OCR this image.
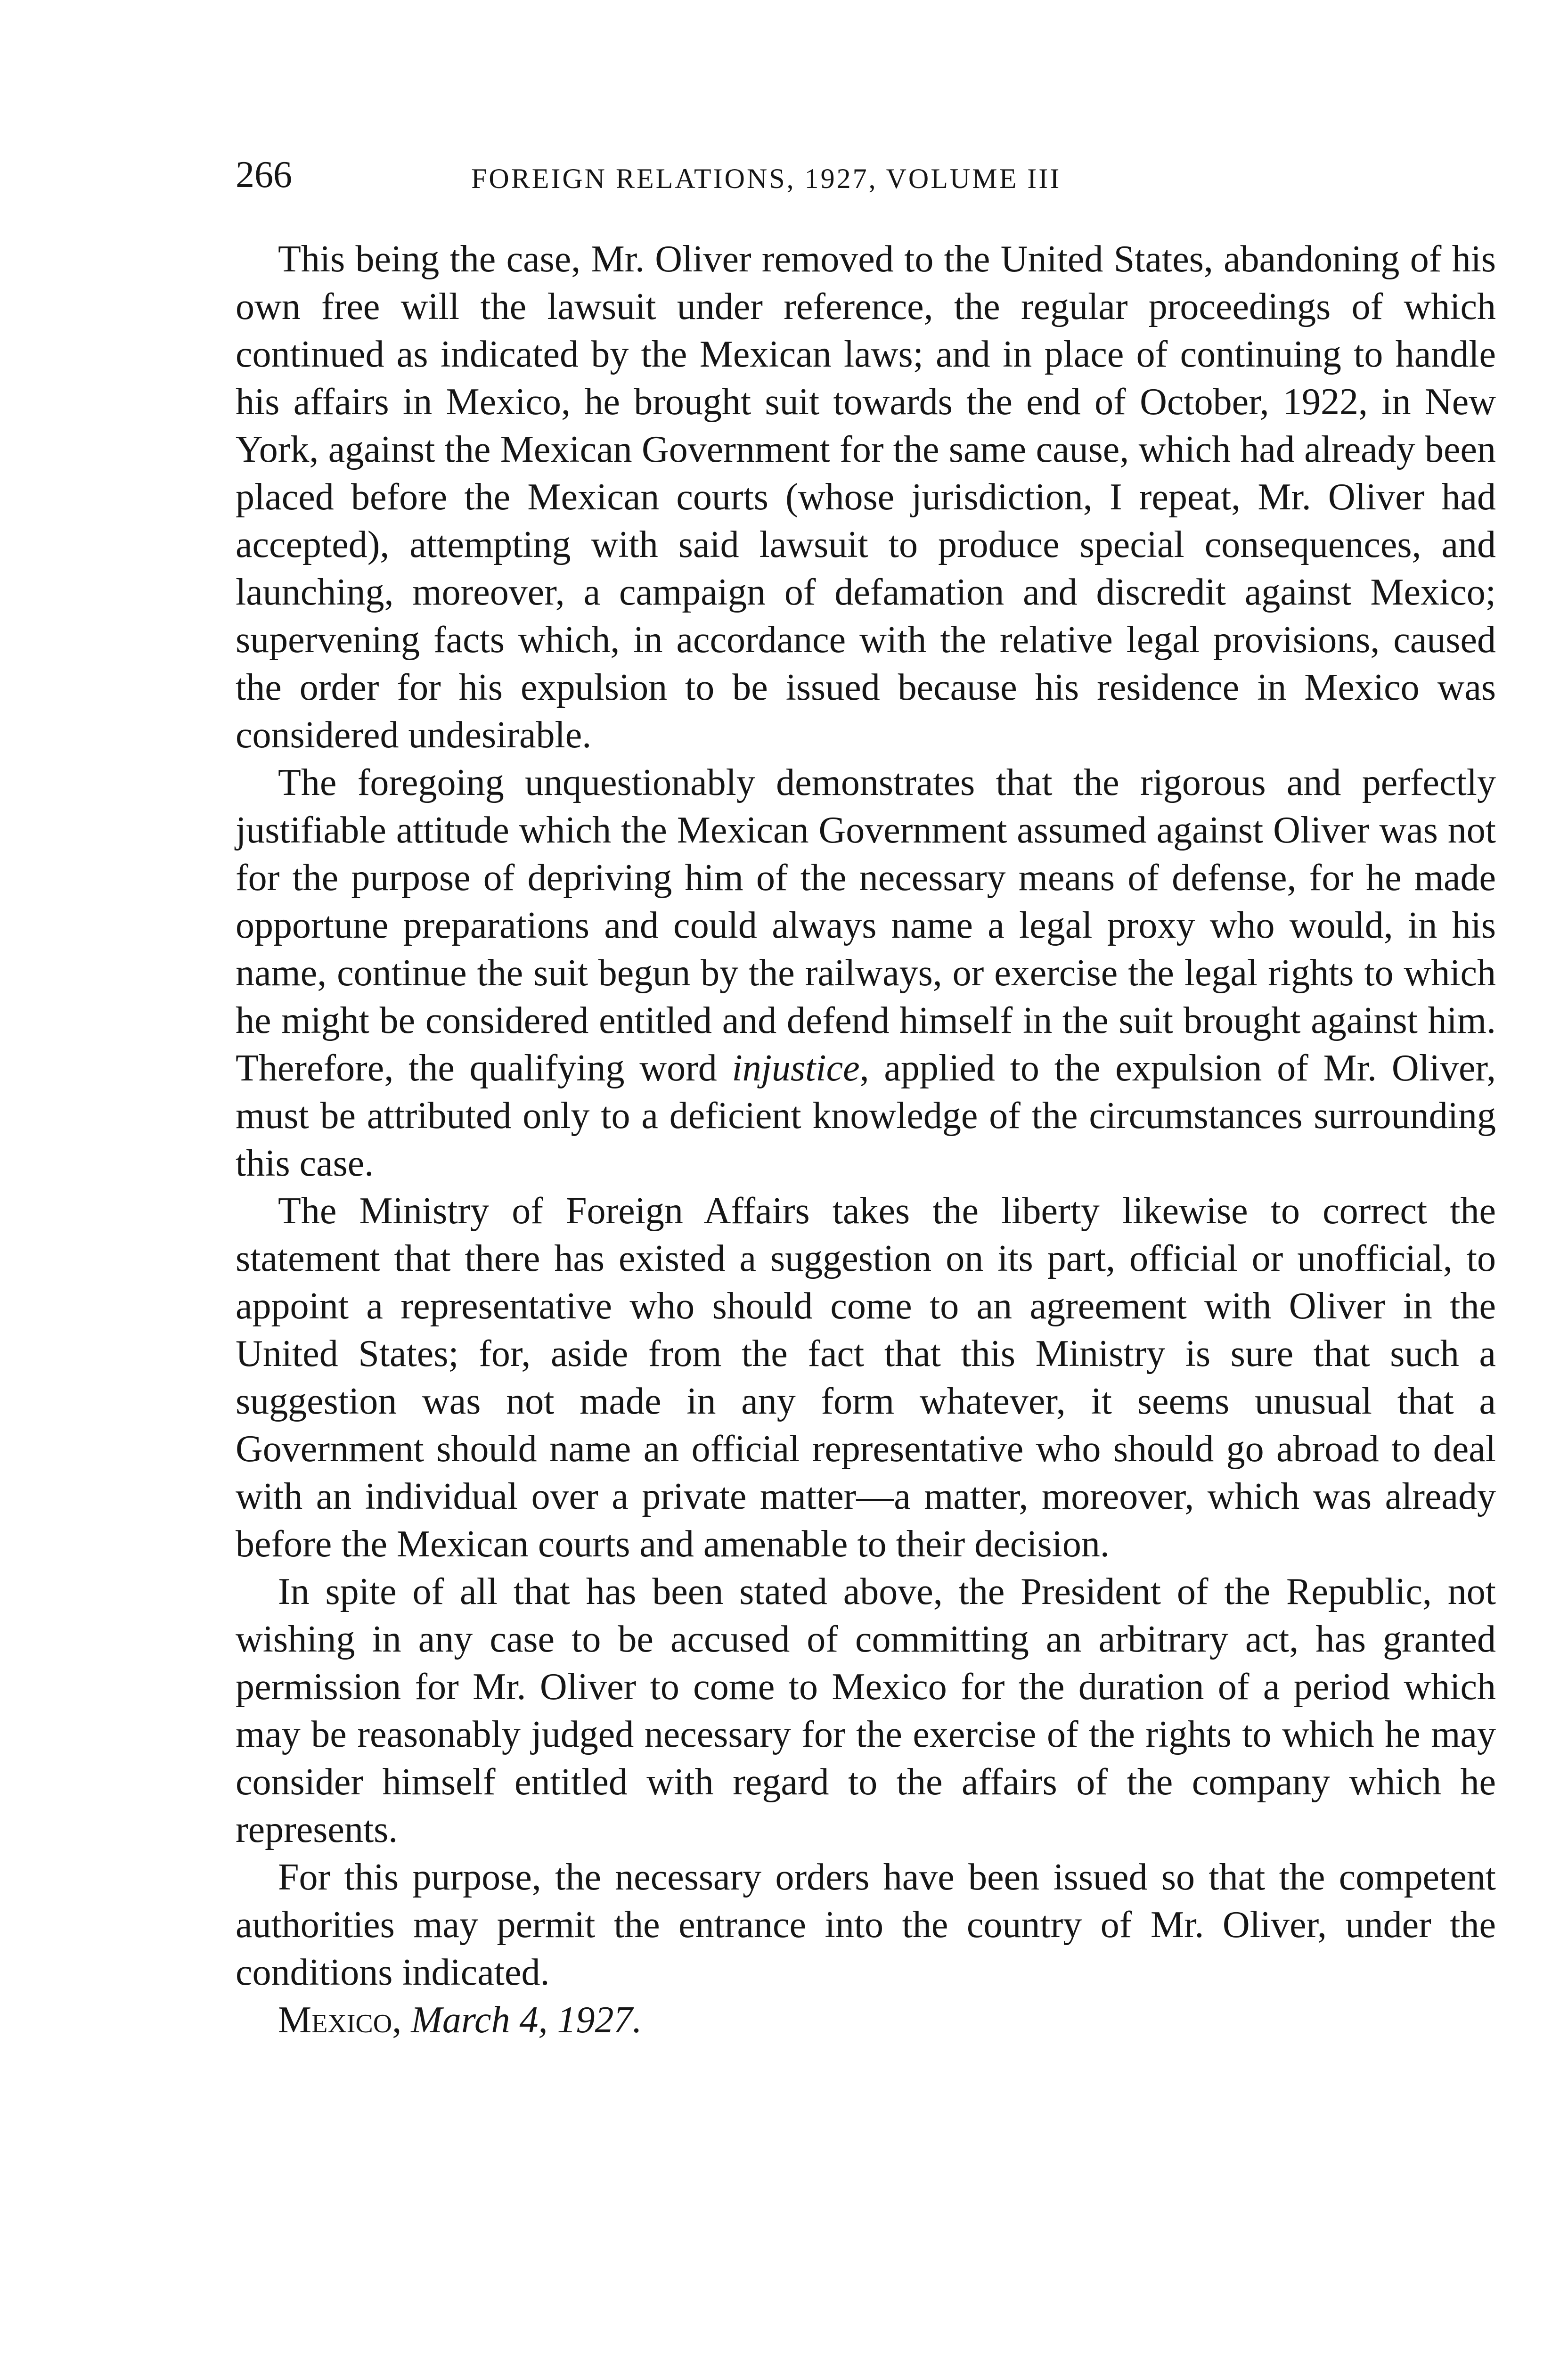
266	FOREIGN RELATIONS, 1927, VOLUME III

This being the case, Mr. Oliver removed to the United States, abandoning of his own free will the lawsuit under reference, the regular proceedings of which continued as indicated by the Mexican laws; and in place of continuing to handle his affairs in Mexico, he brought suit towards the end of October, 1922, in New York, against the Mexican Government for the same cause, which had already been placed before the Mexican courts (whose jurisdiction, I repeat, Mr. Oliver had accepted), attempting with said lawsuit to produce special consequences, and launching, moreover, a campaign of defamation and discredit against Mexico; supervening facts which, in accordance with the relative legal provisions, caused the order for his expulsion to be issued because his residence in Mexico was considered undesirable.

The foregoing unquestionably demonstrates that the rigorous and perfectly justifiable attitude which the Mexican Government assumed against Oliver was not for the purpose of depriving him of the necessary means of defense, for he made opportune preparations and could always name a legal proxy who would, in his name, continue the suit begun by the railways, or exercise the legal rights to which he might be considered entitled and defend himself in the suit brought against him. Therefore, the qualifying word injustice, applied to the expulsion of Mr. Oliver, must be attributed only to a deficient knowledge of the circumstances surrounding this case.

The Ministry of Foreign Affairs takes the liberty likewise to correct the statement that there has existed a suggestion on its part, official or unofficial, to appoint a representative who should come to an agreement with Oliver in the United States; for, aside from the fact that this Ministry is sure that such a suggestion was not made in any form whatever, it seems unusual that a Government should name an official representative who should go abroad to deal with an individual over a private matter—a matter, moreover, which was already before the Mexican courts and amenable to their decision.

In spite of all that has been stated above, the President of the Republic, not wishing in any case to be accused of committing an arbitrary act, has granted permission for Mr. Oliver to come to Mexico for the duration of a period which may be reasonably judged necessary for the exercise of the rights to which he may consider himself entitled with regard to the affairs of the company which he represents.

For this purpose, the necessary orders have been issued so that the competent authorities may permit the entrance into the country of Mr. Oliver, under the conditions indicated.

Mexico, March 4, 1927.
